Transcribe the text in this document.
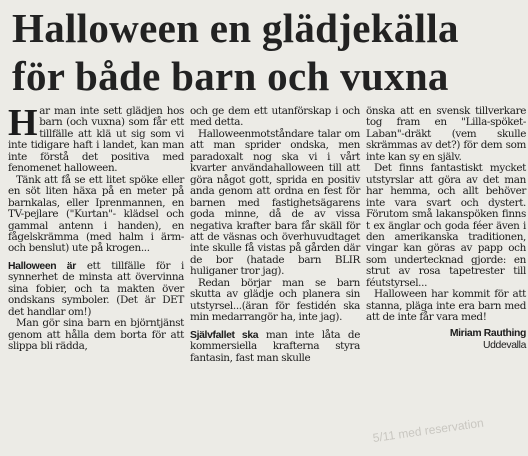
Halloween en glädjekälla
för både barn och vuxna

Har man inte sett glädjen hos barn (och vuxna) som får ett tillfälle att klä ut sig som vi inte tidigare haft i landet, kan man inte förstå det positiva med fenomenet halloween.

Tänk att få se ett litet spöke eller en söt liten häxa på en meter på barnkalas, eller Iprenmannen, en TV-pejlare ("Kurtan"- klädsel och gammal antenn i handen), en fågelskrämma (med halm i ärm-och benslut) ute på krogen...

Halloween är ett tillfälle för i synnerhet de minsta att övervinna sina fobier, och ta makten över ondskans symboler. (Det är DET det handlar om!)

Man gör sina barn en björntjänst genom att hålla dem borta för att slippa bli rädda,

och ge dem ett utanförskap i och med detta.

Halloweenmotståndare talar om att man sprider ondska, men paradoxalt nog ska vi i vårt kvarter användahalloween till att göra något gott, sprida en positiv anda genom att ordna en fest för barnen med fastighetsägarens goda minne, då de av vissa negativa krafter bara får skäll för att de väsnas och överhuvudtaget inte skulle få vistas på gården där de bor (hatade barn BLIR huliganer tror jag).

Redan börjar man se barn skutta av glädje och planera sin utstyrsel...(äran för festidén ska min medarrangör ha, inte jag).

Självfallet ska man inte låta de kommersiella krafterna styra fantasin, fast man skulle

önska att en svensk tillverkare tog fram en "Lilla-spöket-Laban"-dräkt (vem skulle skrämmas av det?) för dem som inte kan sy en själv.

Det finns fantastiskt mycket utstyrslar att göra av det man har hemma, och allt behöver inte vara svart och dystert. Förutom små lakanspöken finns t ex änglar och goda féer även i den amerikanska traditionen, vingar kan göras av papp och som undertecknad gjorde: en strut av rosa tapetrester till féutstyrsel...

Halloween har kommit för att stanna, pläga inte era barn med att de inte får vara med!

Miriam Rauthing
Uddevalla

5/11 med reservation
